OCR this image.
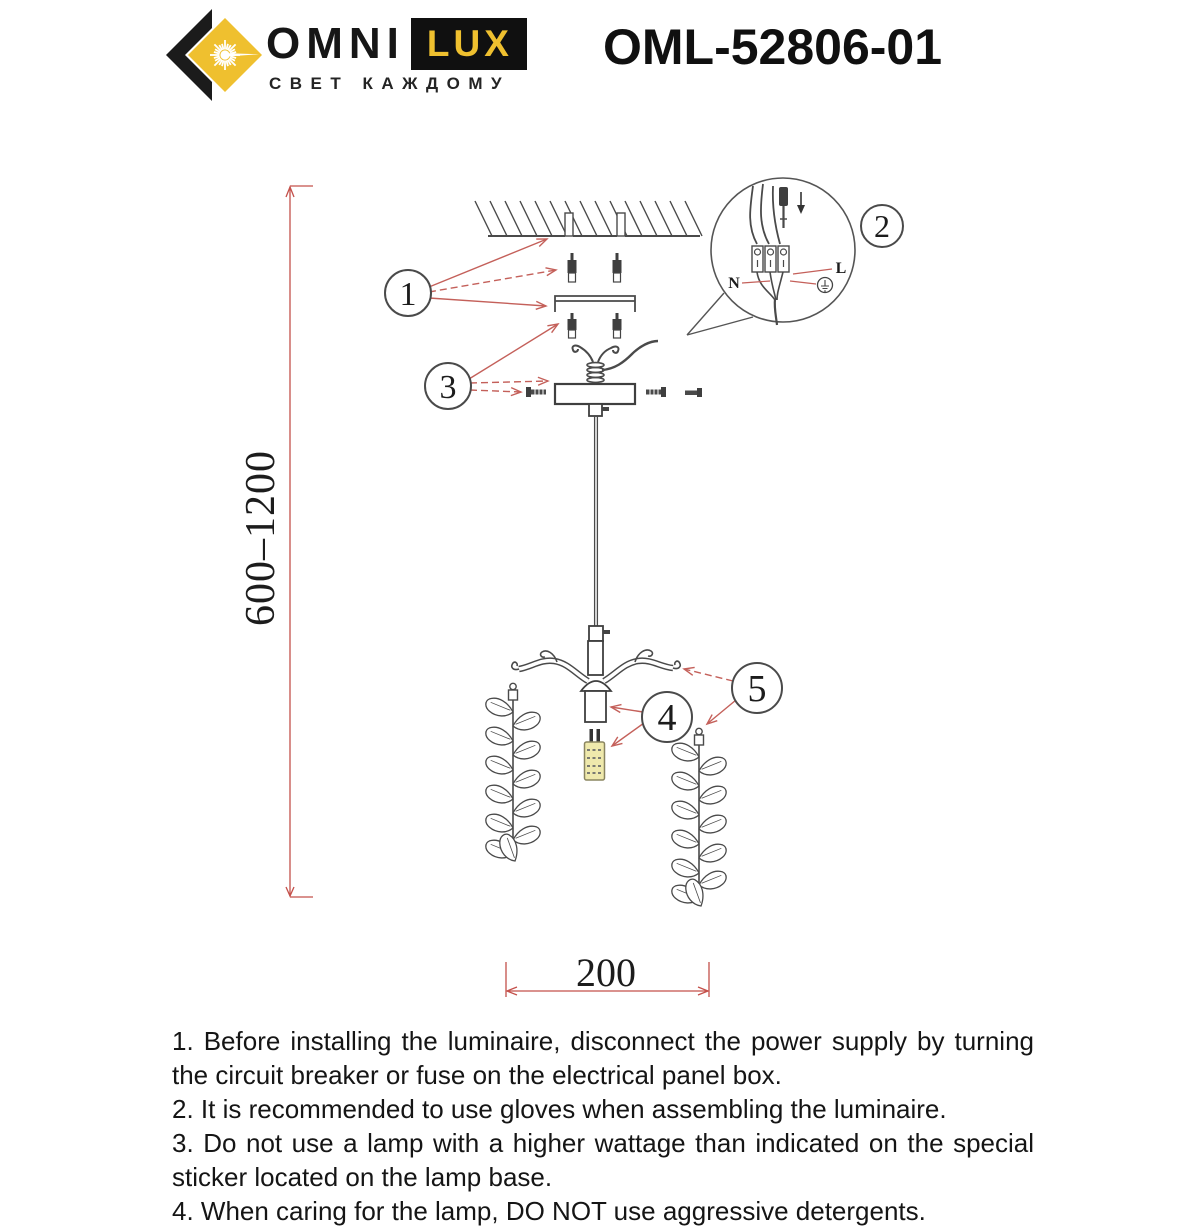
OMNI LUX
СВЕТ КАЖДОМУ
OML-52806-01
N
L
1
2
3
4
5
600–1200
200

1. Before installing the luminaire, disconnect the power supply by turning the circuit breaker or fuse on the electrical panel box.

2. It is recommended to use gloves when assembling the luminaire.

3. Do not use a lamp with a higher wattage than indicated on the special sticker located on the lamp base.

4. When caring for the lamp, DO NOT use aggressive detergents.
